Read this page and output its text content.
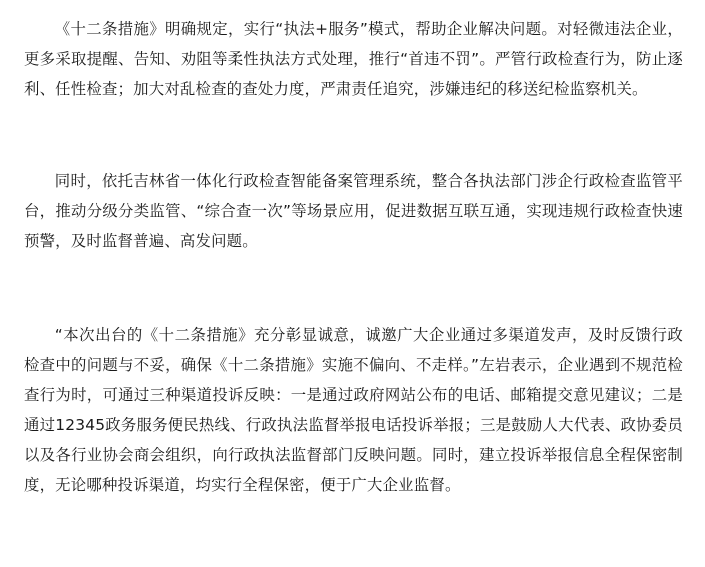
《十二条措施》明确规定，实行“执法+服务”模式，帮助企业解决问题。对轻微违法企业，更多采取提醒、告知、劝阻等柔性执法方式处理，推行“首违不罚”。严管行政检查行为，防止逐利、任性检查；加大对乱检查的查处力度，严肃责任追究，涉嫌违纪的移送纪检监察机关。

同时，依托吉林省一体化行政检查智能备案管理系统，整合各执法部门涉企行政检查监管平台，推动分级分类监管、“综合查一次”等场景应用，促进数据互联互通，实现违规行政检查快速预警，及时监督普遍、高发问题。

“本次出台的《十二条措施》充分彰显诚意，诚邀广大企业通过多渠道发声，及时反馈行政检查中的问题与不妥，确保《十二条措施》实施不偏向、不走样。”左岩表示，企业遇到不规范检查行为时，可通过三种渠道投诉反映：一是通过政府网站公布的电话、邮箱提交意见建议；二是通过12345政务服务便民热线、行政执法监督举报电话投诉举报；三是鼓励人大代表、政协委员以及各行业协会商会组织，向行政执法监督部门反映问题。同时，建立投诉举报信息全程保密制度，无论哪种投诉渠道，均实行全程保密，便于广大企业监督。
